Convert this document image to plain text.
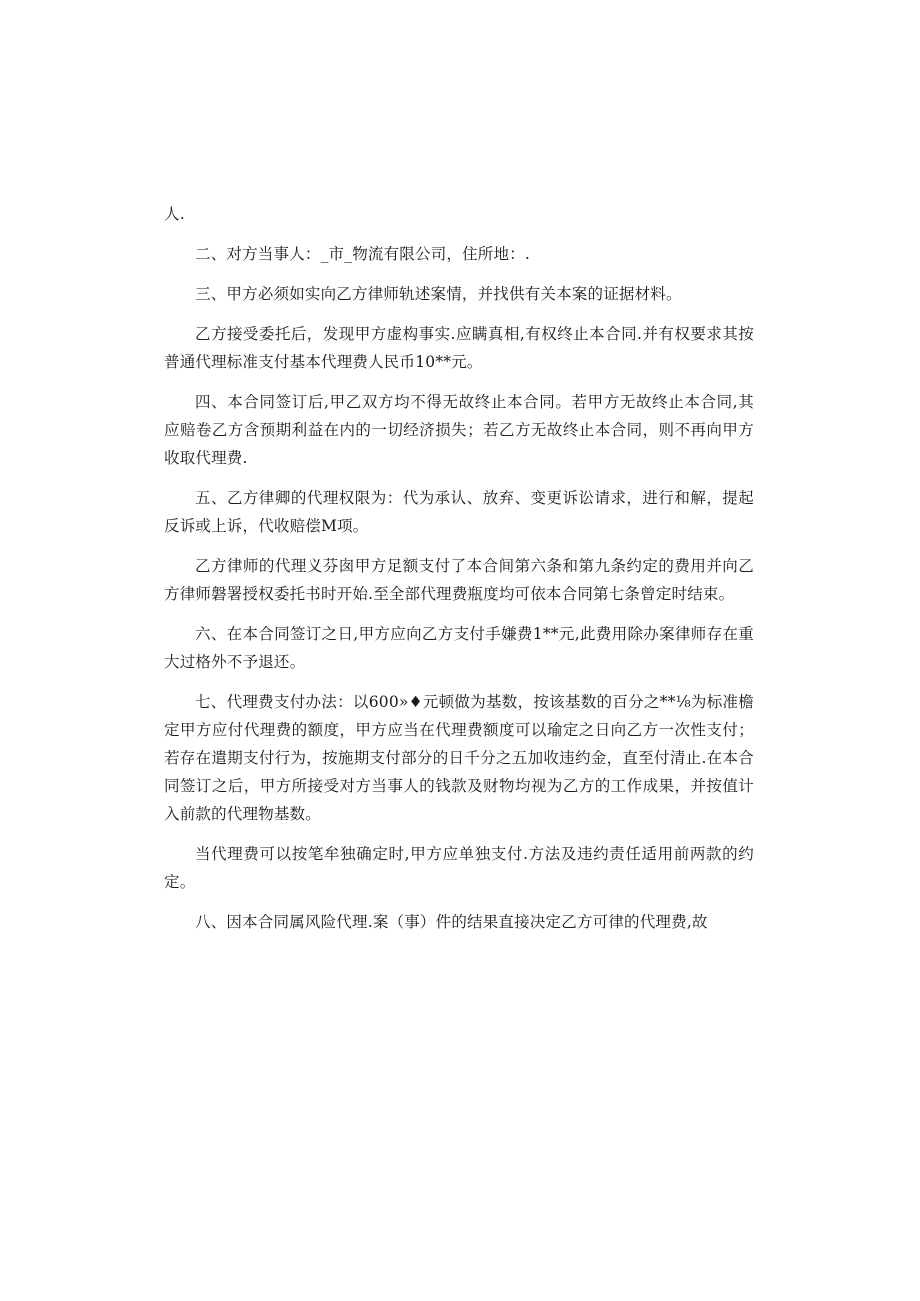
人.

二、对方当事人：_市_物流有限公司，住所地：.

三、甲方必须如实向乙方律师轨述案情，并找供有关本案的证据材料。

乙方接受委托后，发现甲方虚构事实.应瞒真相,有权终止本合同.并有权要求其按普通代理标准支付基本代理费人民币10**元。

四、本合同签订后,甲乙双方均不得无故终止本合同。若甲方无故终止本合同,其应赔卷乙方含预期利益在内的一切经济损失；若乙方无故终止本合同，则不再向甲方收取代理费.

五、乙方律卿的代理权限为：代为承认、放弃、变更诉讼请求，进行和解，提起反诉或上诉，代收赔偿M项。

乙方律师的代理义芬囱甲方足额支付了本合间第六条和第九条约定的费用并向乙方律师磐署授权委托书时开始.至全部代理费瓶度均可依本合同第七条曾定时结束。

六、在本合同签订之日,甲方应向乙方支付手嫌费1**元,此费用除办案律师存在重大过格外不予退还。

七、代理费支付办法：以600»♦元顿做为基数，按该基数的百分之**⅛为标准檐定甲方应付代理费的额度，甲方应当在代理费额度可以瑜定之日向乙方一次性支付；若存在遣期支付行为，按施期支付部分的日千分之五加收违约金，直至付清止.在本合同签订之后，甲方所接受对方当事人的钱款及财物均视为乙方的工作成果，并按值计入前款的代理物基数。

当代理费可以按笔牟独确定时,甲方应单独支付.方法及违约责任适用前两款的约定。

八、因本合同属风险代理.案（事）件的结果直接决定乙方可律的代理费,故
